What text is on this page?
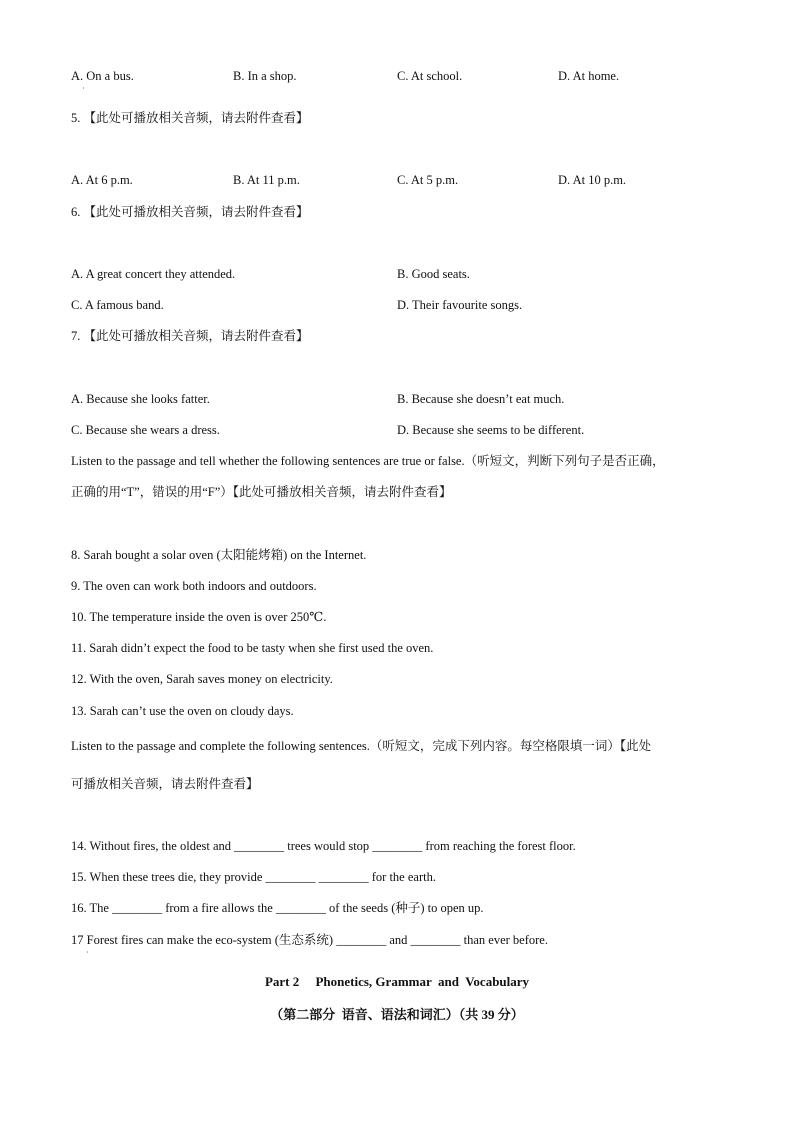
A. On a bus.	B. In a shop.	C. At school.	D. At home.
·
5. 【此处可播放相关音频，请去附件查看】
A. At 6 p.m.	B. At 11 p.m.	C. At 5 p.m.	D. At 10 p.m.
6. 【此处可播放相关音频，请去附件查看】
A. A great concert they attended.	B. Good seats.
C. A famous band.	D. Their favourite songs.
7. 【此处可播放相关音频，请去附件查看】
A. Because she looks fatter.	B. Because she doesn’t eat much.
C. Because she wears a dress.	D. Because she seems to be different.
Listen to the passage and tell whether the following sentences are true or false.（听短文，判断下列句子是否正确，
正确的用“T”，错误的用“F”）【此处可播放相关音频，请去附件查看】
8. Sarah bought a solar oven (太阳能烤箱) on the Internet.
9. The oven can work both indoors and outdoors.
10. The temperature inside the oven is over 250℃.
11. Sarah didn’t expect the food to be tasty when she first used the oven.
12. With the oven, Sarah saves money on electricity.
13. Sarah can’t use the oven on cloudy days.
Listen to the passage and complete the following sentences.（听短文，完成下列内容。每空格限填一词）【此处
可播放相关音频，请去附件查看】
14. Without fires, the oldest and ________ trees would stop ________ from reaching the forest floor.
15. When these trees die, they provide ________ ________ for the earth.
16. The ________ from a fire allows the ________ of the seeds (种子) to open up.
17 Forest fires can make the eco-system (生态系统) ________ and ________ than ever before.
·
Part 2     Phonetics, Grammar  and  Vocabulary
（第二部分  语音、语法和词汇）（共 39 分）
